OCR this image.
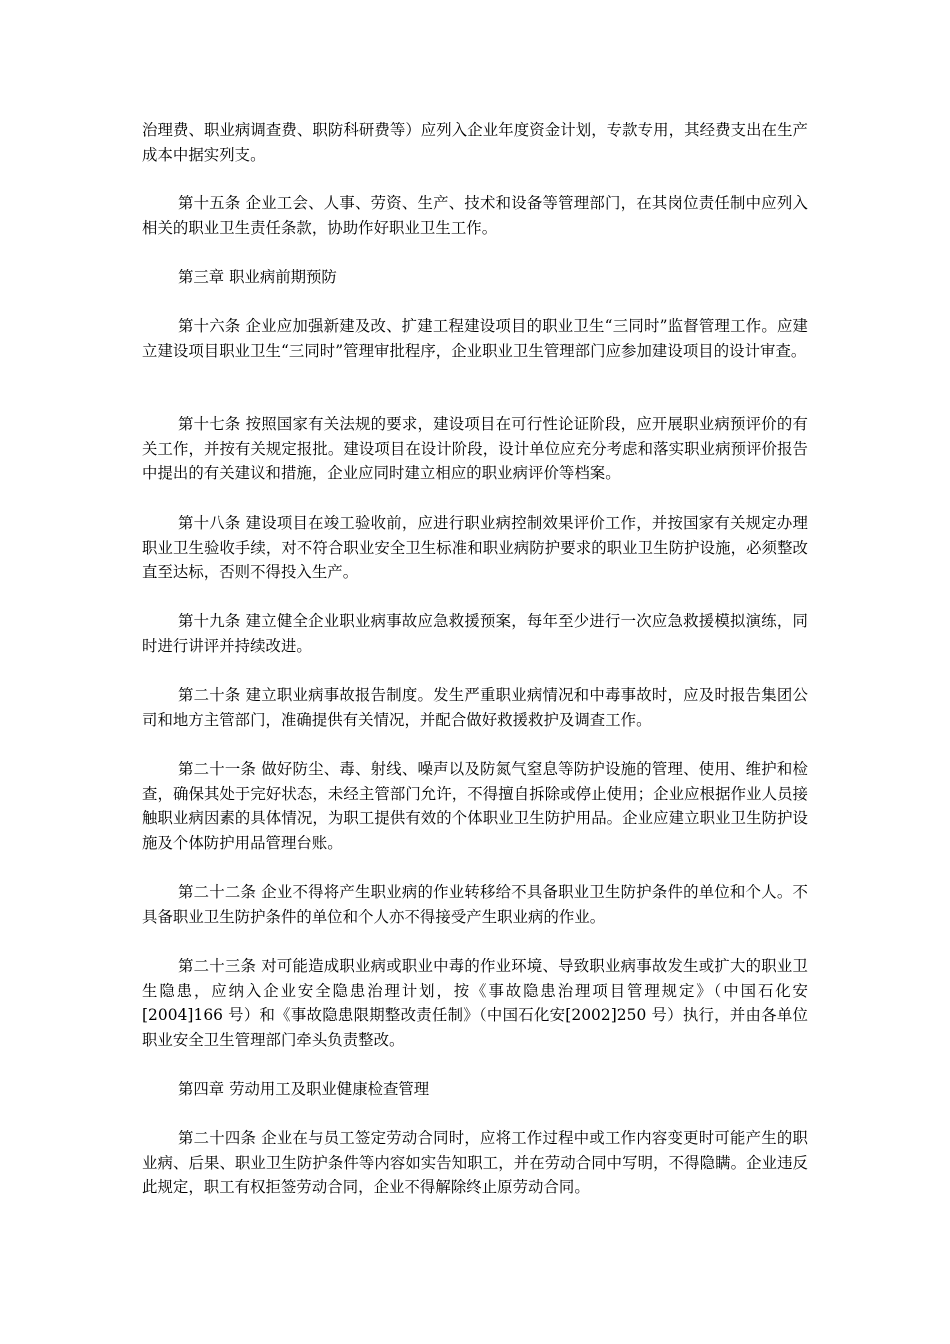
治理费、职业病调查费、职防科研费等）应列入企业年度资金计划，专款专用，其经费支出在生产成本中据实列支。

第十五条 企业工会、人事、劳资、生产、技术和设备等管理部门，在其岗位责任制中应列入相关的职业卫生责任条款，协助作好职业卫生工作。

第三章 职业病前期预防

第十六条 企业应加强新建及改、扩建工程建设项目的职业卫生“三同时”监督管理工作。应建立建设项目职业卫生“三同时”管理审批程序，企业职业卫生管理部门应参加建设项目的设计审查。

第十七条 按照国家有关法规的要求，建设项目在可行性论证阶段，应开展职业病预评价的有关工作，并按有关规定报批。建设项目在设计阶段，设计单位应充分考虑和落实职业病预评价报告中提出的有关建议和措施，企业应同时建立相应的职业病评价等档案。

第十八条 建设项目在竣工验收前，应进行职业病控制效果评价工作，并按国家有关规定办理职业卫生验收手续，对不符合职业安全卫生标准和职业病防护要求的职业卫生防护设施，必须整改直至达标，否则不得投入生产。

第十九条 建立健全企业职业病事故应急救援预案，每年至少进行一次应急救援模拟演练，同时进行讲评并持续改进。

第二十条 建立职业病事故报告制度。发生严重职业病情况和中毒事故时，应及时报告集团公司和地方主管部门，准确提供有关情况，并配合做好救援救护及调查工作。

第二十一条 做好防尘、毒、射线、噪声以及防氮气窒息等防护设施的管理、使用、维护和检查，确保其处于完好状态，未经主管部门允许，不得擅自拆除或停止使用；企业应根据作业人员接触职业病因素的具体情况，为职工提供有效的个体职业卫生防护用品。企业应建立职业卫生防护设施及个体防护用品管理台账。

第二十二条 企业不得将产生职业病的作业转移给不具备职业卫生防护条件的单位和个人。不具备职业卫生防护条件的单位和个人亦不得接受产生职业病的作业。

第二十三条 对可能造成职业病或职业中毒的作业环境、导致职业病事故发生或扩大的职业卫生隐患，应纳入企业安全隐患治理计划，按《事故隐患治理项目管理规定》（中国石化安[2004]166 号）和《事故隐患限期整改责任制》（中国石化安[2002]250 号）执行，并由各单位职业安全卫生管理部门牵头负责整改。

第四章 劳动用工及职业健康检查管理

第二十四条 企业在与员工签定劳动合同时，应将工作过程中或工作内容变更时可能产生的职业病、后果、职业卫生防护条件等内容如实告知职工，并在劳动合同中写明，不得隐瞒。企业违反此规定，职工有权拒签劳动合同，企业不得解除终止原劳动合同。
